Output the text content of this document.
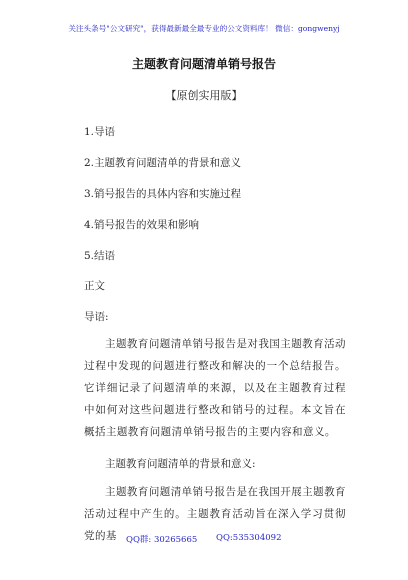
关注头条号"公文研究"，获得最新最全最专业的公文资料库！ 微信：gongwenyj
主题教育问题清单销号报告
【原创实用版】
1.导语
2.主题教育问题清单的背景和意义
3.销号报告的具体内容和实施过程
4.销号报告的效果和影响
5.结语
正文
导语:
主题教育问题清单销号报告是对我国主题教育活动过程中发现的问题进行整改和解决的一个总结报告。它详细记录了问题清单的来源，以及在主题教育过程中如何对这些问题进行整改和销号的过程。本文旨在概括主题教育问题清单销号报告的主要内容和意义。
主题教育问题清单的背景和意义:
主题教育问题清单销号报告是在我国开展主题教育活动过程中产生的。主题教育活动旨在深入学习贯彻党的基	QQ群: 30265665 QQ:535304092
